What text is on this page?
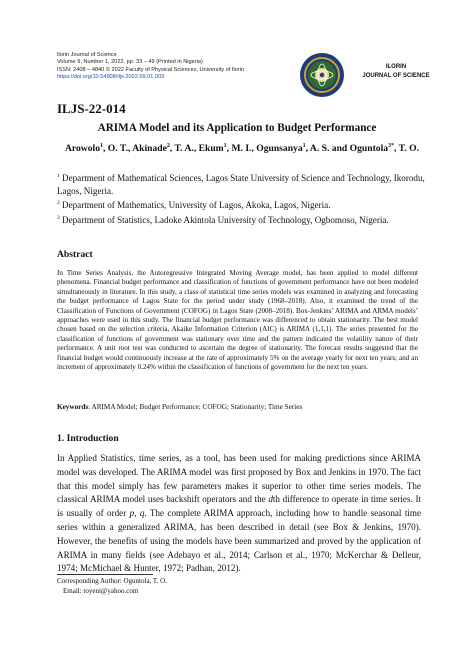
Ilorin Journal of Science
Volume 9, Number 1, 2022, pp. 33 – 49 (Printed in Nigeria)
ISSN: 2408 – 4840 © 2022 Faculty of Physical Sciences, University of Ilorin
https://doi.org/10.54908/iljs.2022.09.01.003
ILORIN
JOURNAL OF SCIENCE
ILJS-22-014
ARIMA Model and its Application to Budget Performance
Arowolo$^1$, O. T., Akinade$^2$, T. A., Ekum$^1$, M. I., Ogunsanya$^1$, A. S. and Oguntola$^{3*}$, T. O.

$^1$ Department of Mathematical Sciences, Lagos State University of Science and Technology, Ikorodu, Lagos, Nigeria.

$^2$ Department of Mathematics, University of Lagos, Akoka, Lagos, Nigeria.

$^3$ Department of Statistics, Ladoke Akintola University of Technology, Ogbomoso, Nigeria.

Abstract
In Time Series Analysis, the Autoregressive Integrated Moving Average model, has been applied to model different phenomena. Financial budget performance and classification of functions of government performance have not been modeled simultaneously in literature. In this study, a class of statistical time series models was examined in analyzing and forecasting the budget performance of Lagos State for the period under study (1968–2018). Also, it examined the trend of the Classification of Functions of Government (COFOG) in Lagos State (2008–2018). Box-Jenkins’ ARIMA and ARMA models’ approaches were used in this study. The financial budget performance was differenced to obtain stationarity. The best model chosen based on the selection criteria, Akaike Information Criterion (AIC) is ARIMA (1,1,1). The series presented for the classification of functions of government was stationary over time and the pattern indicated the volatility nature of their performance. A unit root test was conducted to ascertain the degree of stationarity. The forecast results suggested that the financial budget would continuously increase at the rate of approximately 5% on the average yearly for next ten years; and an increment of approximately 0.24% within the classification of functions of government for the next ten years.
Keywords: ARIMA Model; Budget Performance; COFOG; Stationarity; Time Series
1. Introduction
In Applied Statistics, time series, as a tool, has been used for making predictions since ARIMA model was developed. The ARIMA model was first proposed by Box and Jenkins in 1970. The fact that this model simply has few parameters makes it superior to other time series models. The classical ARIMA model uses backshift operators and the dth difference to operate in time series. It is usually of order p, q. The complete ARIMA approach, including how to handle seasonal time series within a generalized ARIMA, has been described in detail (see Box & Jenkins, 1970). However, the benefits of using the models have been summarized and proved by the application of ARIMA in many fields (see Adebayo et al., 2014; Carlson et al., 1970; McKerchar & Delleur, 1974; McMichael & Hunter, 1972; Padhan, 2012).
Corresponding Author: Oguntola, T. O.
Email: toyeni@yahoo.com
